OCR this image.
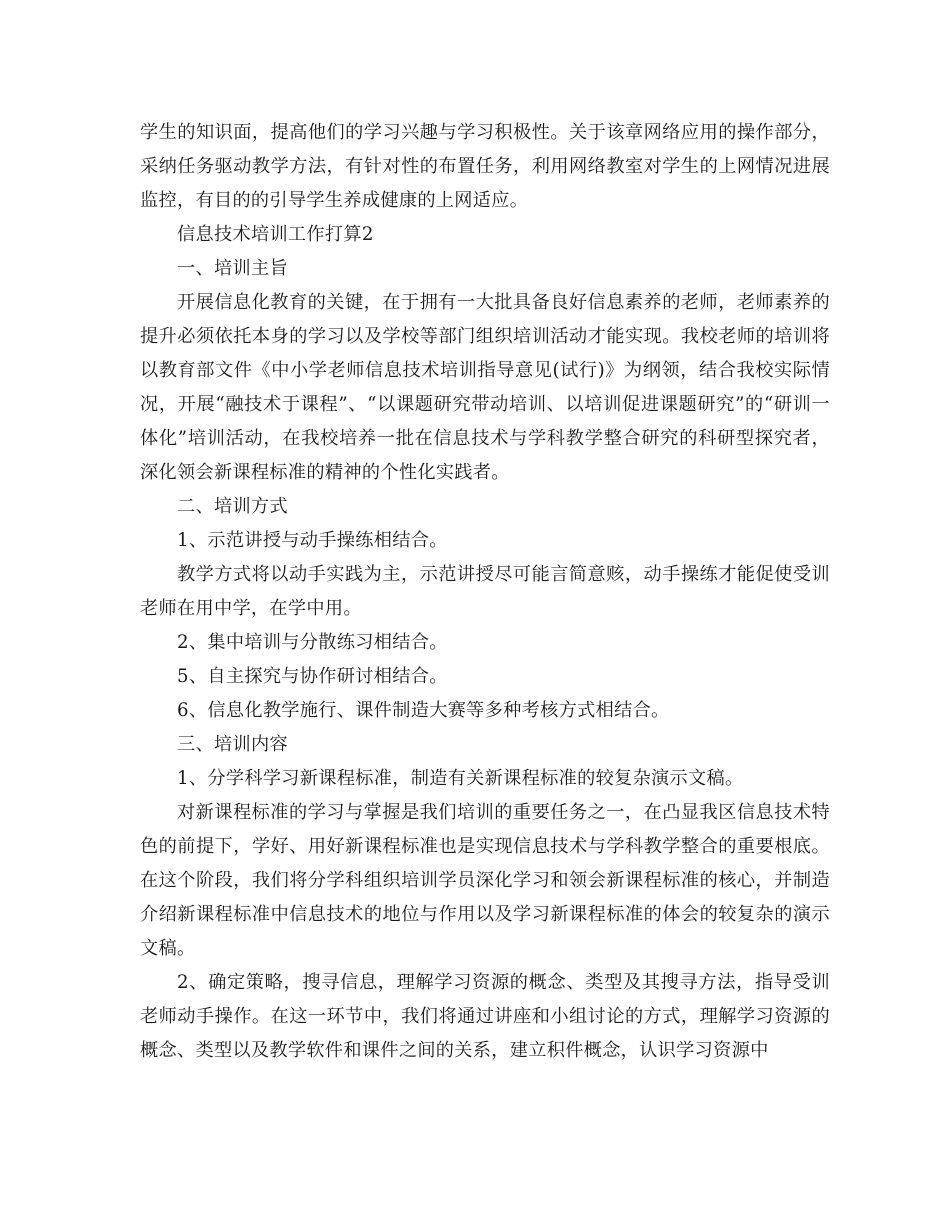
学生的知识面，提高他们的学习兴趣与学习积极性。关于该章网络应用的操作部分，采纳任务驱动教学方法，有针对性的布置任务，利用网络教室对学生的上网情况进展监控，有目的的引导学生养成健康的上网适应。

信息技术培训工作打算2

一、培训主旨

开展信息化教育的关键，在于拥有一大批具备良好信息素养的老师，老师素养的提升必须依托本身的学习以及学校等部门组织培训活动才能实现。我校老师的培训将以教育部文件《中小学老师信息技术培训指导意见(试行)》为纲领，结合我校实际情况，开展“融技术于课程”、“以课题研究带动培训、以培训促进课题研究”的“研训一体化”培训活动，在我校培养一批在信息技术与学科教学整合研究的科研型探究者，深化领会新课程标准的精神的个性化实践者。

二、培训方式

1、示范讲授与动手操练相结合。

教学方式将以动手实践为主，示范讲授尽可能言简意赅，动手操练才能促使受训老师在用中学，在学中用。

2、集中培训与分散练习相结合。

5、自主探究与协作研讨相结合。

6、信息化教学施行、课件制造大赛等多种考核方式相结合。

三、培训内容

1、分学科学习新课程标准，制造有关新课程标准的较复杂演示文稿。

对新课程标准的学习与掌握是我们培训的重要任务之一，在凸显我区信息技术特色的前提下，学好、用好新课程标准也是实现信息技术与学科教学整合的重要根底。在这个阶段，我们将分学科组织培训学员深化学习和领会新课程标准的核心，并制造介绍新课程标准中信息技术的地位与作用以及学习新课程标准的体会的较复杂的演示文稿。

2、确定策略，搜寻信息，理解学习资源的概念、类型及其搜寻方法，指导受训老师动手操作。在这一环节中，我们将通过讲座和小组讨论的方式，理解学习资源的概念、类型以及教学软件和课件之间的关系，建立积件概念，认识学习资源中
